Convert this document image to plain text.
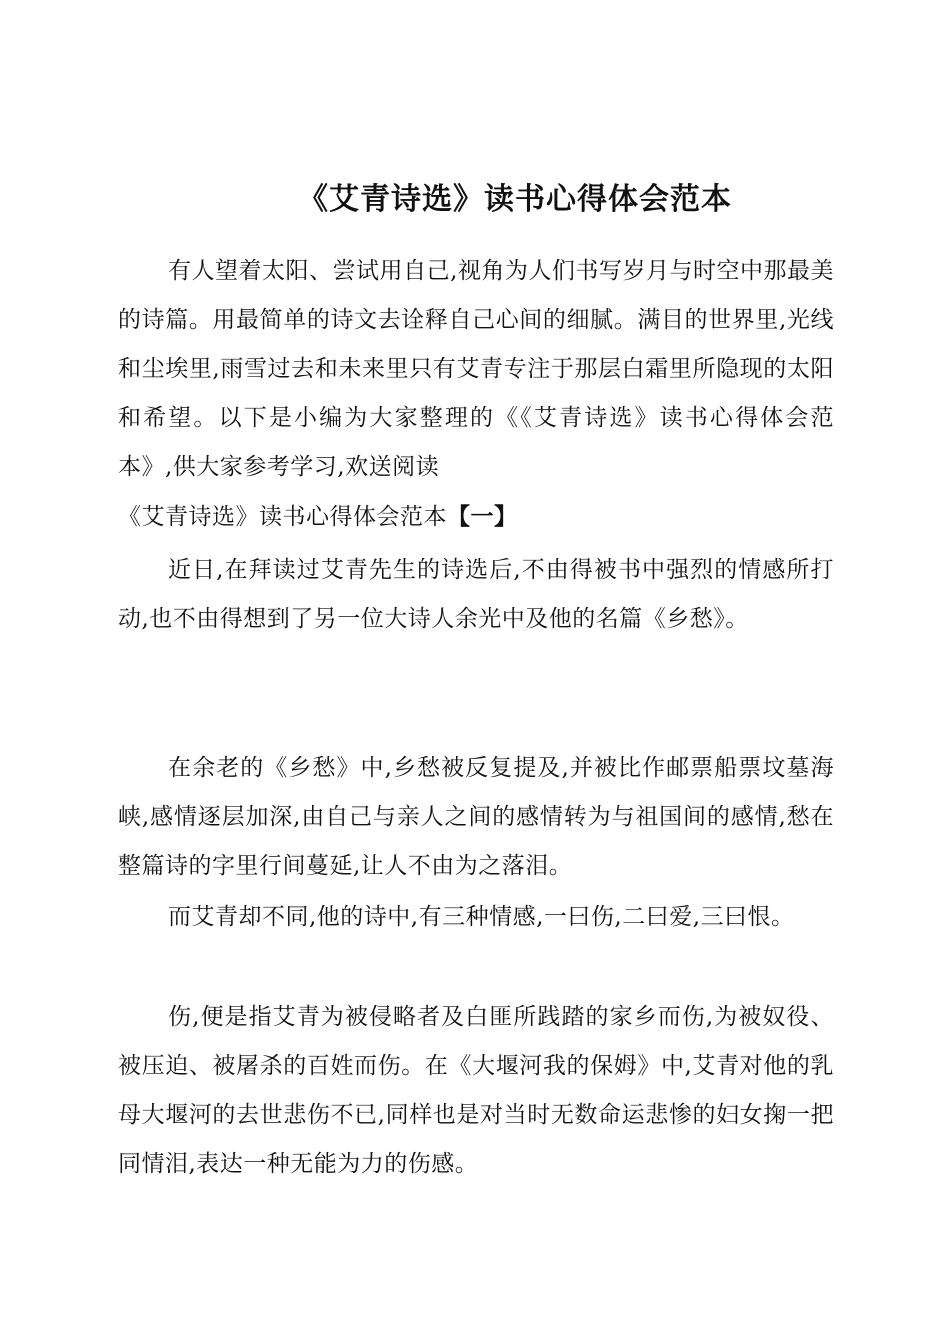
《艾青诗选》读书心得体会范本

有人望着太阳、尝试用自己,视角为人们书写岁月与时空中那最美的诗篇。用最简单的诗文去诠释自己心间的细腻。满目的世界里,光线和尘埃里,雨雪过去和未来里只有艾青专注于那层白霜里所隐现的太阳和希望。以下是小编为大家整理的《《艾青诗选》读书心得体会范本》,供大家参考学习,欢送阅读

《艾青诗选》读书心得体会范本【一】

近日,在拜读过艾青先生的诗选后,不由得被书中强烈的情感所打动,也不由得想到了另一位大诗人余光中及他的名篇《乡愁》。

在余老的《乡愁》中,乡愁被反复提及,并被比作邮票船票坟墓海峡,感情逐层加深,由自己与亲人之间的感情转为与祖国间的感情,愁在整篇诗的字里行间蔓延,让人不由为之落泪。

而艾青却不同,他的诗中,有三种情感,一曰伤,二曰爱,三曰恨。

伤,便是指艾青为被侵略者及白匪所践踏的家乡而伤,为被奴役、被压迫、被屠杀的百姓而伤。在《大堰河我的保姆》中,艾青对他的乳母大堰河的去世悲伤不已,同样也是对当时无数命运悲惨的妇女掬一把同情泪,表达一种无能为力的伤感。
